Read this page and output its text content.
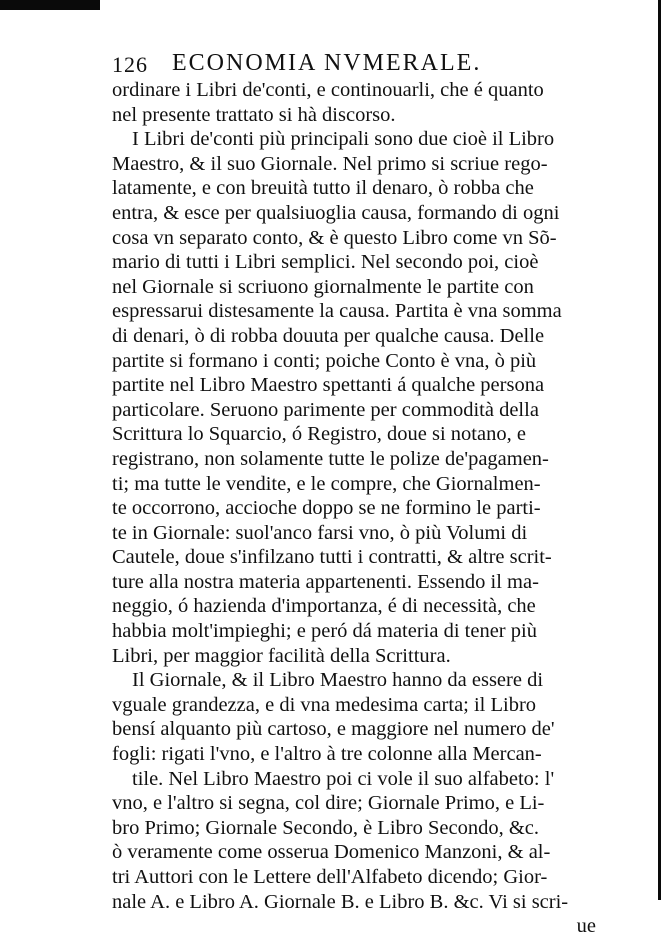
126 ECONOMIA NVMERALE.
ordinare i Libri de'conti, e continouarli, che é quanto
nel presente trattato si hà discorso.
I Libri de'conti più principali sono due cioè il Libro
Maestro, & il suo Giornale. Nel primo si scriue rego-
latamente, e con breuità tutto il denaro, ò robba che
entra, & esce per qualsiuoglia causa, formando di ogni
cosa vn separato conto, & è questo Libro come vn Sõ-
mario di tutti i Libri semplici. Nel secondo poi, cioè
nel Giornale si scriuono giornalmente le partite con
espressarui distesamente la causa. Partita è vna somma
di denari, ò di robba douuta per qualche causa. Delle
partite si formano i conti; poiche Conto è vna, ò più
partite nel Libro Maestro spettanti á qualche persona
particolare. Seruono parimente per commodità della
Scrittura lo Squarcio, ó Registro, doue si notano, e
registrano, non solamente tutte le polize de'pagamen-
ti; ma tutte le vendite, e le compre, che Giornalmen-
te occorrono, accioche doppo se ne formino le parti-
te in Giornale: suol'anco farsi vno, ò più Volumi di
Cautele, doue s'infilzano tutti i contratti, & altre scrit-
ture alla nostra materia appartenenti. Essendo il ma-
neggio, ó hazienda d'importanza, é di necessità, che
habbia molt'impieghi; e peró dá materia di tener più
Libri, per maggior facilità della Scrittura.
Il Giornale, & il Libro Maestro hanno da essere di
vguale grandezza, e di vna medesima carta; il Libro
bensí alquanto più cartoso, e maggiore nel numero de'
fogli: rigati l'vno, e l'altro à tre colonne alla Mercan-
tile. Nel Libro Maestro poi ci vole il suo alfabeto: l'
vno, e l'altro si segna, col dire; Giornale Primo, e Li-
bro Primo; Giornale Secondo, è Libro Secondo, &c.
ò veramente come osserua Domenico Manzoni, & al-
tri Auttori con le Lettere dell'Alfabeto dicendo; Gior-
nale A. e Libro A. Giornale B. e Libro B. &c. Vi si scri-
ue
